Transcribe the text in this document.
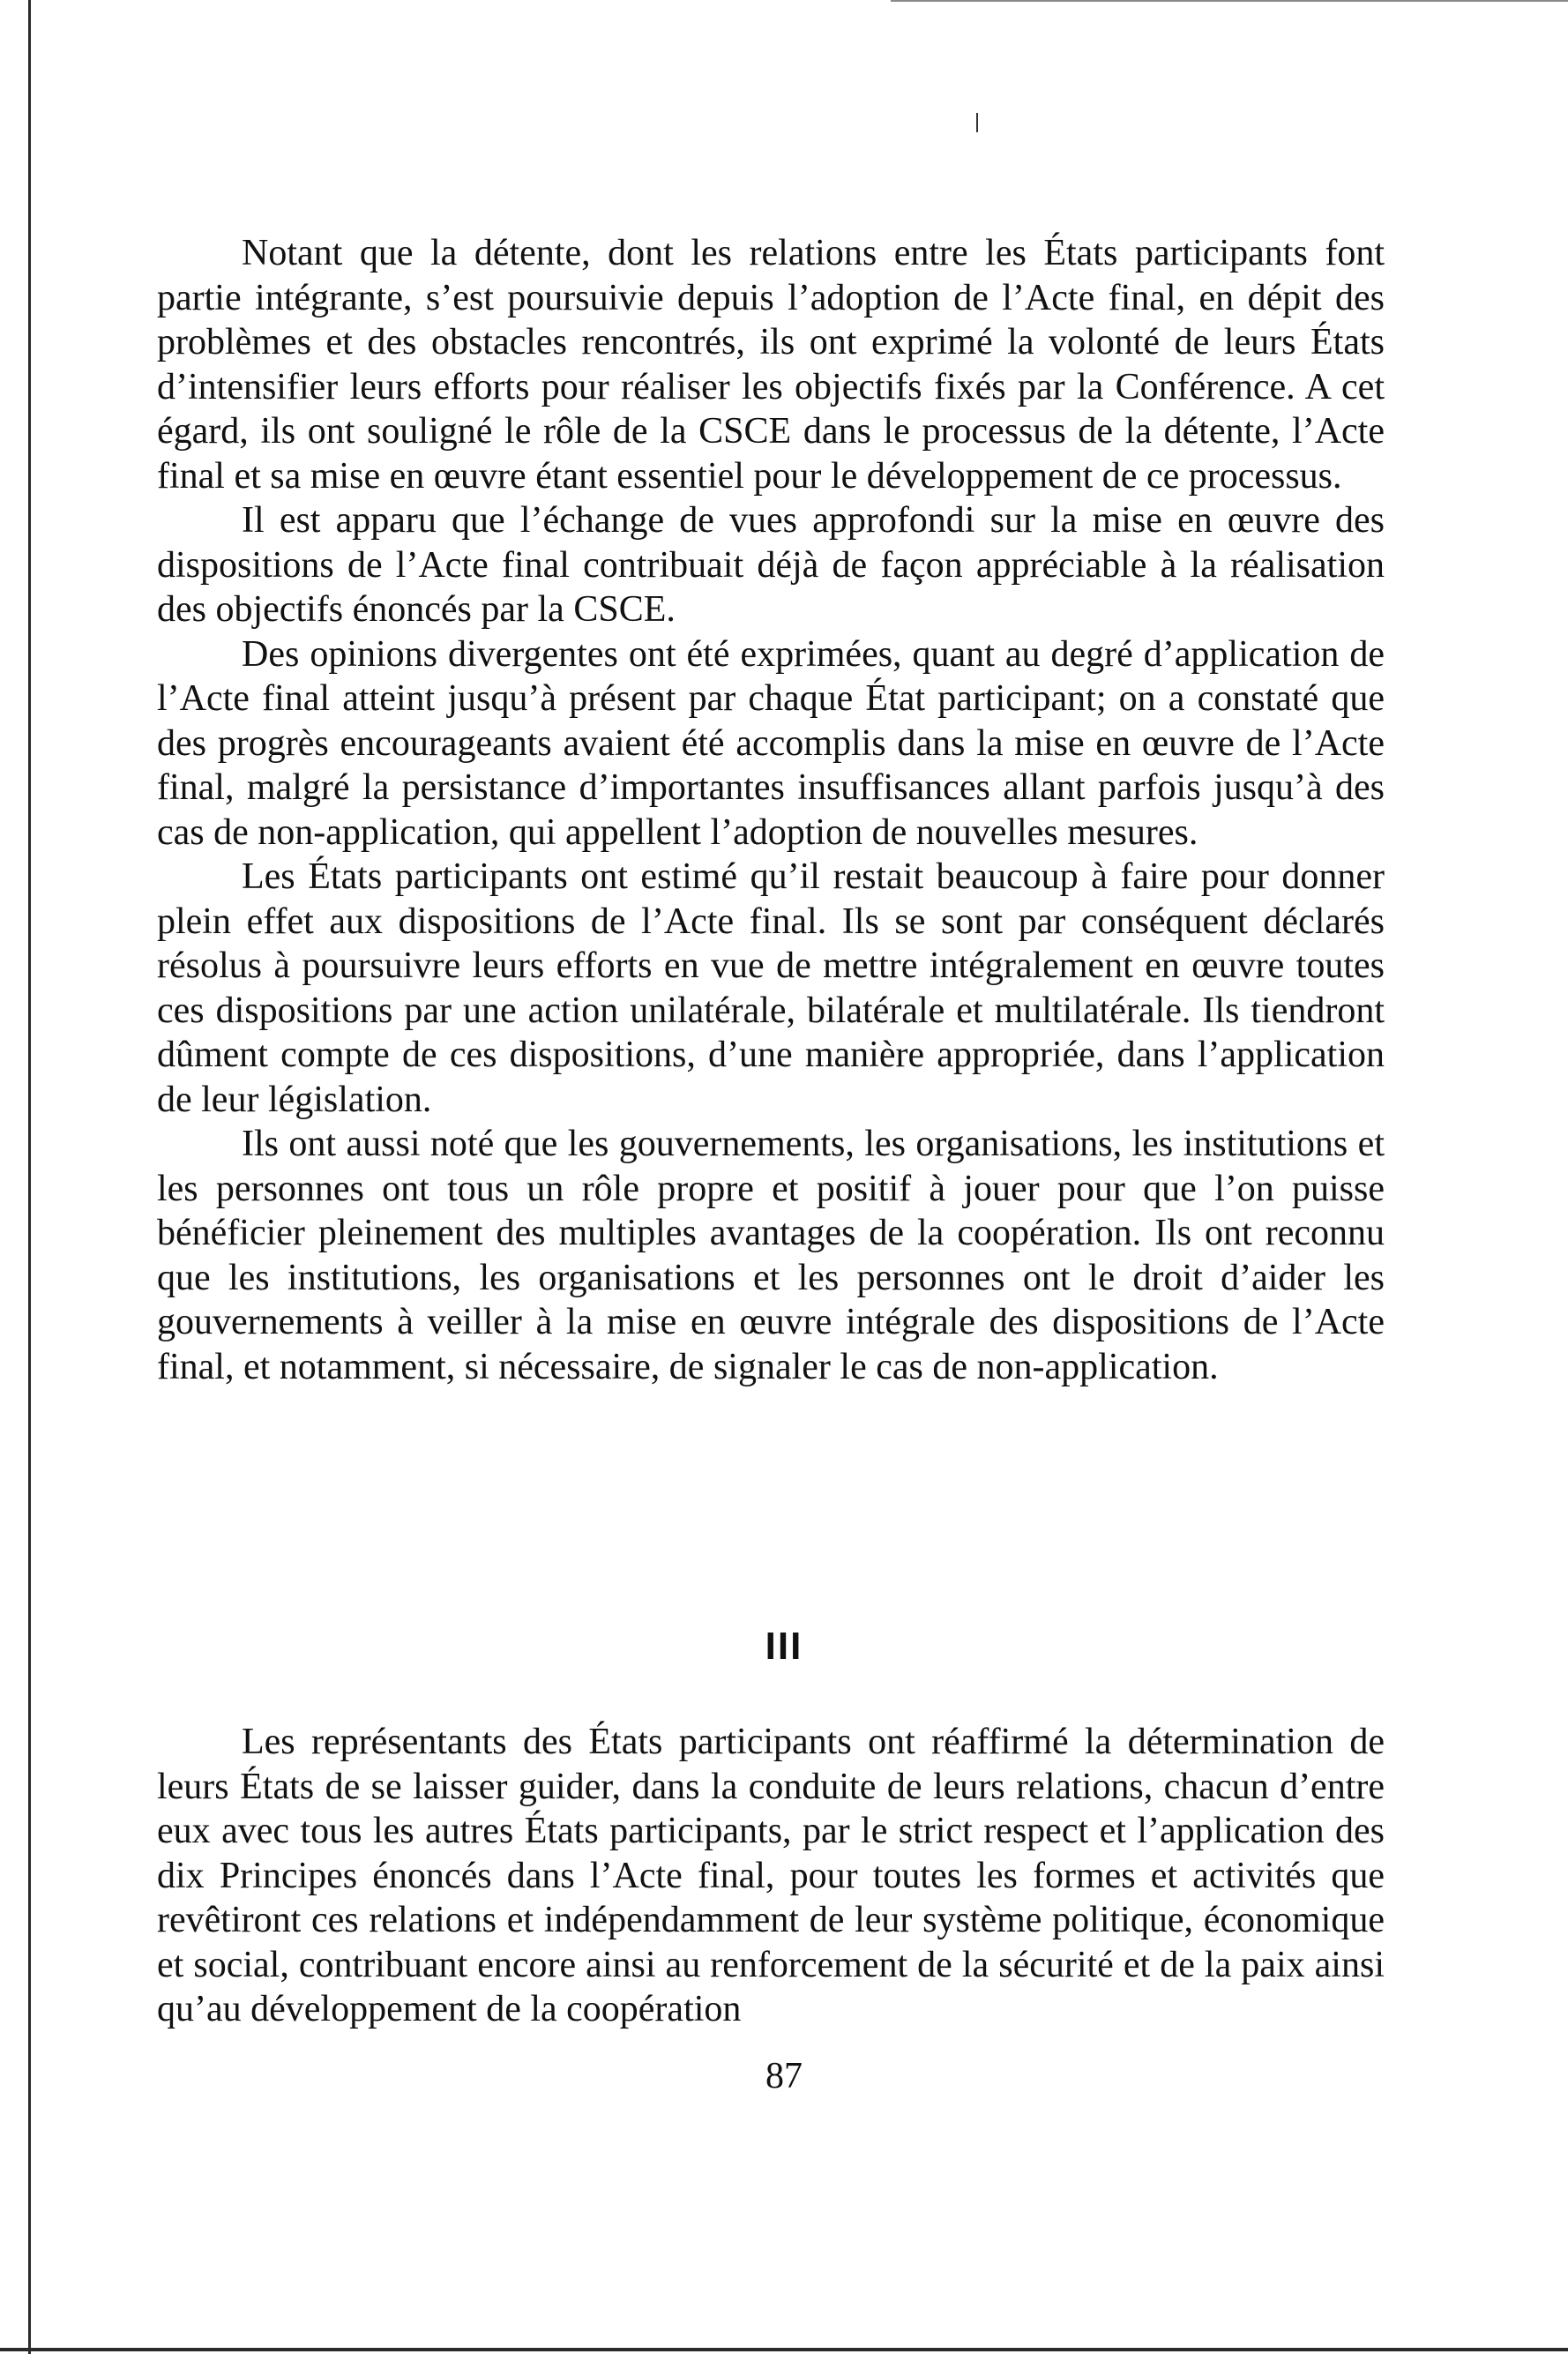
Notant que la détente, dont les relations entre les États participants font partie intégrante, s’est poursuivie depuis l’adoption de l’Acte final, en dépit des problèmes et des obstacles rencontrés, ils ont exprimé la volonté de leurs États d’intensifier leurs efforts pour réaliser les objectifs fixés par la Conférence. A cet égard, ils ont souligné le rôle de la CSCE dans le processus de la détente, l’Acte final et sa mise en œuvre étant essentiel pour le développement de ce processus.

Il est apparu que l’échange de vues approfondi sur la mise en œuvre des dispositions de l’Acte final contribuait déjà de façon appréciable à la réalisation des objectifs énoncés par la CSCE.

Des opinions divergentes ont été exprimées, quant au degré d’application de l’Acte final atteint jusqu’à présent par chaque État participant; on a constaté que des progrès encourageants avaient été accomplis dans la mise en œuvre de l’Acte final, malgré la persistance d’importantes insuffisances allant parfois jusqu’à des cas de non-application, qui appellent l’adoption de nouvelles mesures.

Les États participants ont estimé qu’il restait beaucoup à faire pour donner plein effet aux dispositions de l’Acte final. Ils se sont par conséquent déclarés résolus à poursuivre leurs efforts en vue de mettre intégralement en œuvre toutes ces dispositions par une action unilatérale, bilatérale et multilatérale. Ils tiendront dûment compte de ces dispositions, d’une manière appropriée, dans l’application de leur législation.

Ils ont aussi noté que les gouvernements, les organisations, les institutions et les personnes ont tous un rôle propre et positif à jouer pour que l’on puisse bénéficier pleinement des multiples avantages de la coopération. Ils ont reconnu que les institutions, les organisations et les personnes ont le droit d’aider les gouvernements à veiller à la mise en œuvre intégrale des dispositions de l’Acte final, et notamment, si nécessaire, de signaler le cas de non-application.

III

Les représentants des États participants ont réaffirmé la détermination de leurs États de se laisser guider, dans la conduite de leurs relations, chacun d’entre eux avec tous les autres États participants, par le strict respect et l’application des dix Principes énoncés dans l’Acte final, pour toutes les formes et activités que revêtiront ces relations et indépendamment de leur système politique, économique et social, contribuant encore ainsi au renforcement de la sécurité et de la paix ainsi qu’au développement de la coopération

87
